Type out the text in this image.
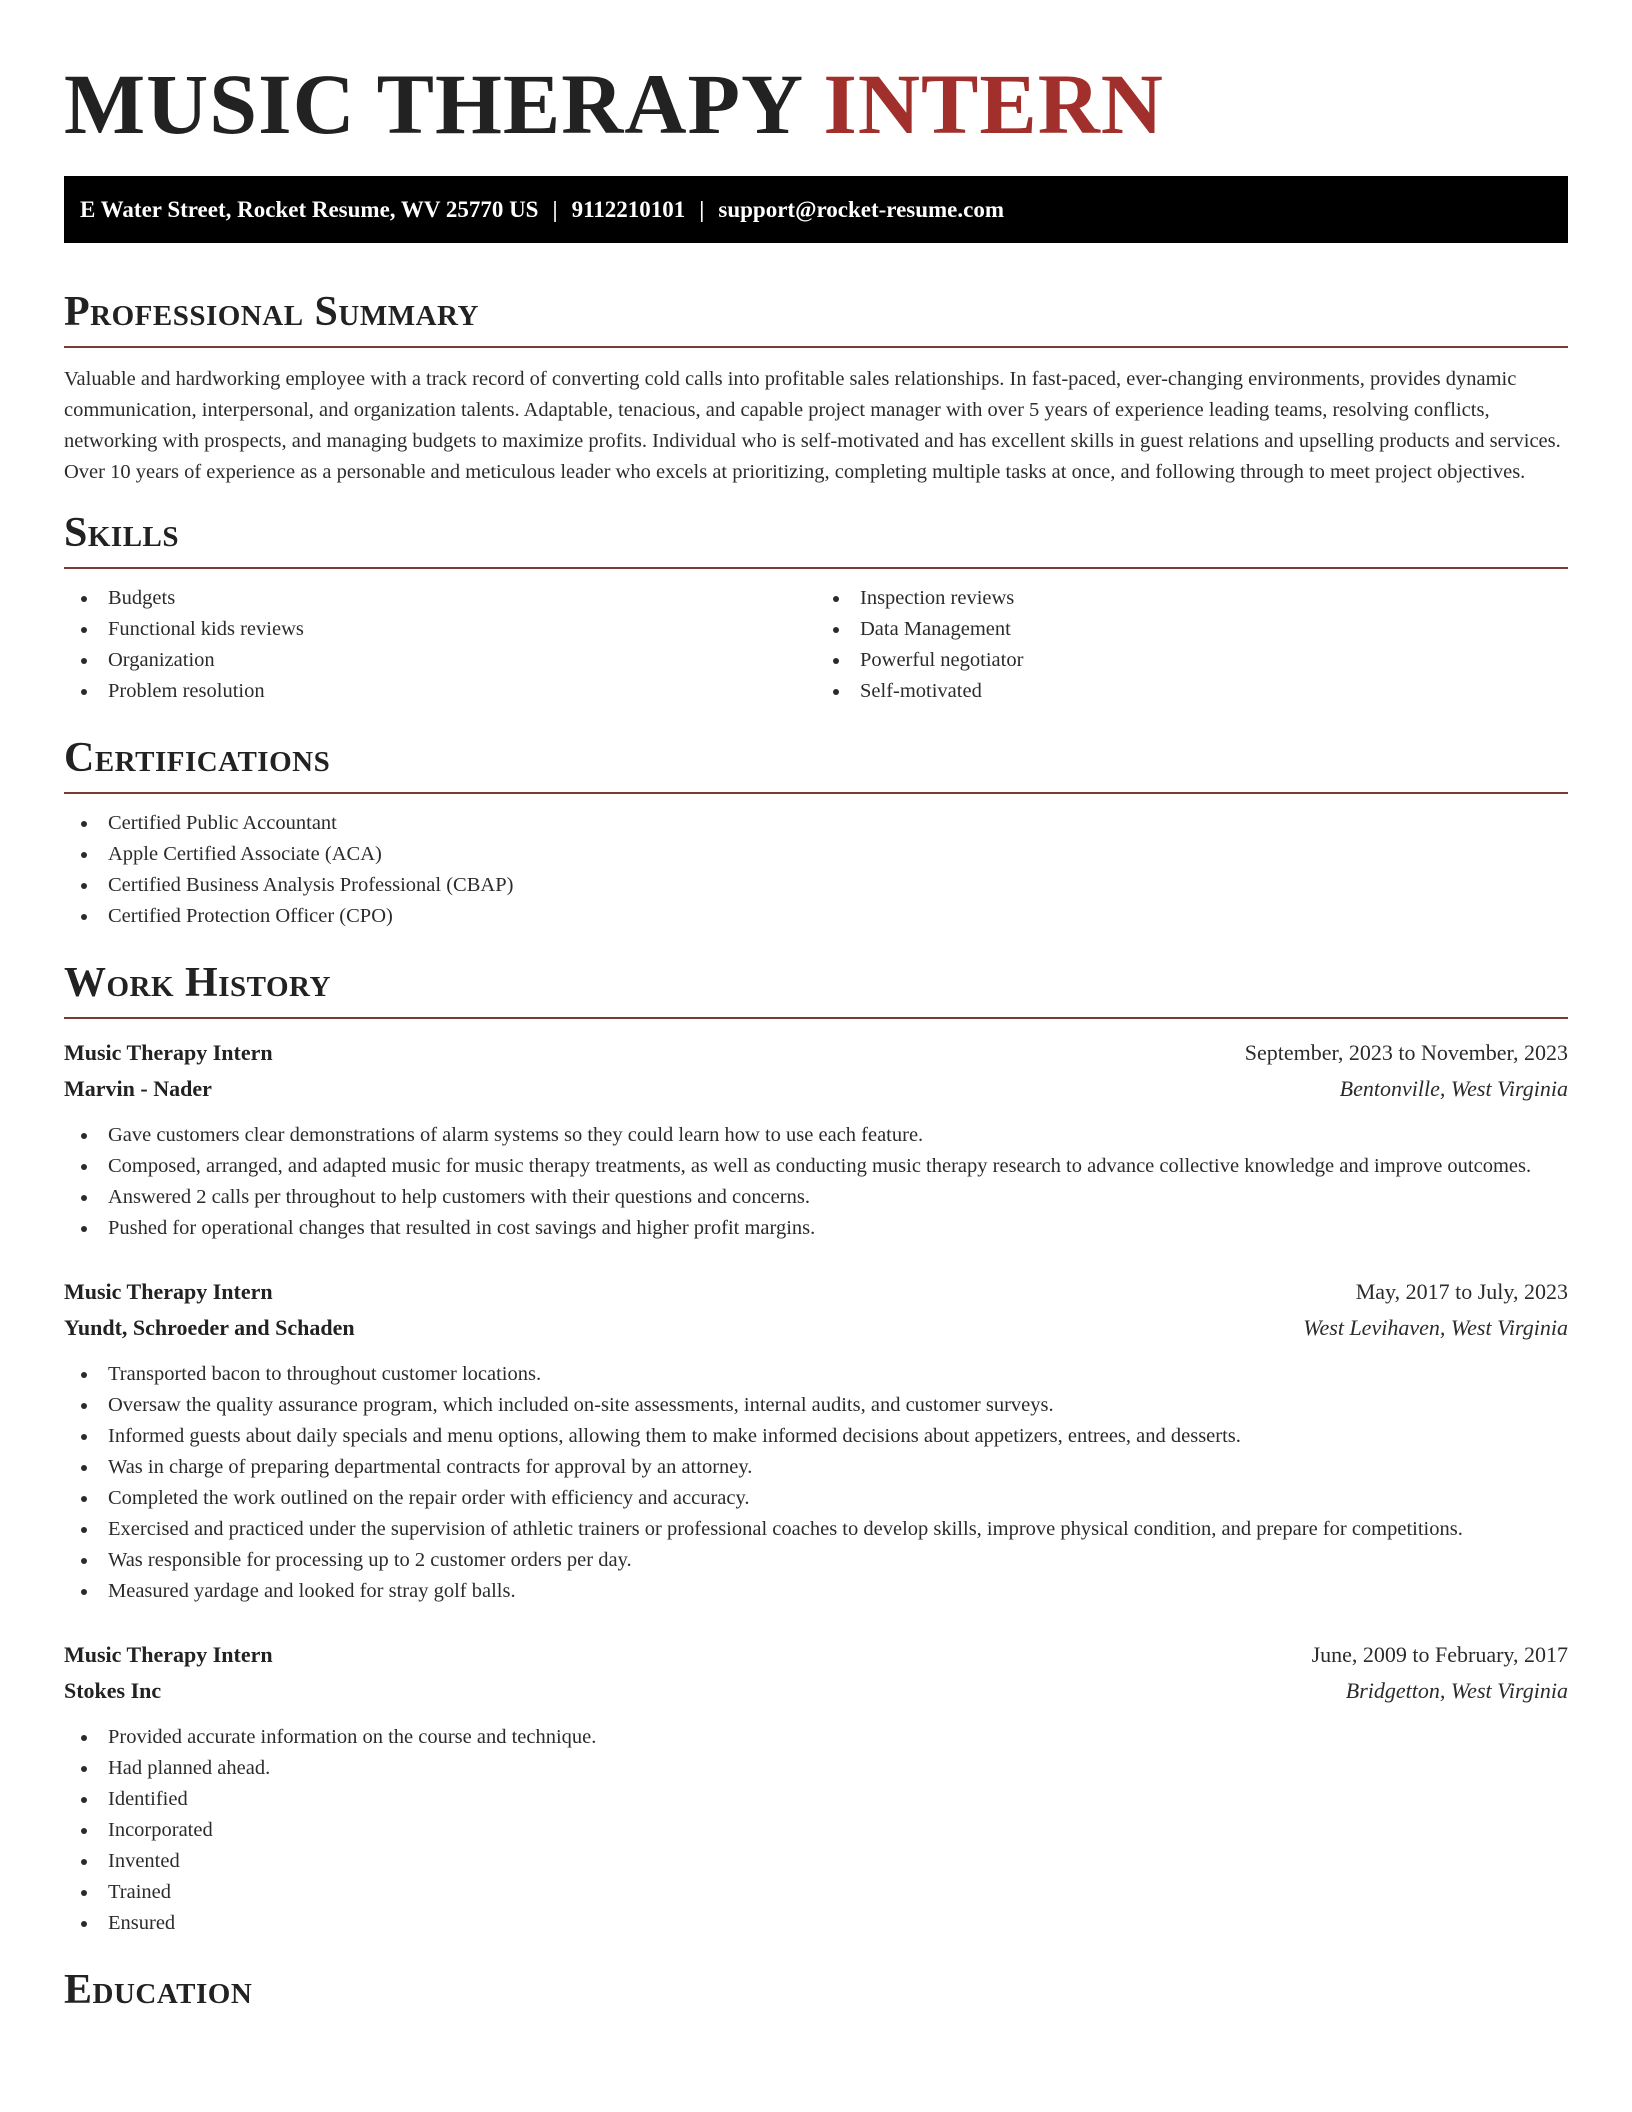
MUSIC THERAPY INTERN
E Water Street, Rocket Resume, WV 25770 US | 9112210101 | support@rocket-resume.com
Professional Summary

Valuable and hardworking employee with a track record of converting cold calls into profitable sales relationships. In fast-paced, ever-changing environments, provides dynamic communication, interpersonal, and organization talents. Adaptable, tenacious, and capable project manager with over 5 years of experience leading teams, resolving conflicts, networking with prospects, and managing budgets to maximize profits. Individual who is self-motivated and has excellent skills in guest relations and upselling products and services. Over 10 years of experience as a personable and meticulous leader who excels at prioritizing, completing multiple tasks at once, and following through to meet project objectives.

Skills
Budgets
Functional kids reviews
Organization
Problem resolution
Inspection reviews
Data Management
Powerful negotiator
Self-motivated
Certifications
Certified Public Accountant
Apple Certified Associate (ACA)
Certified Business Analysis Professional (CBAP)
Certified Protection Officer (CPO)
Work History
Music Therapy Intern	September, 2023 to November, 2023
Marvin - Nader	Bentonville, West Virginia
Gave customers clear demonstrations of alarm systems so they could learn how to use each feature.
Composed, arranged, and adapted music for music therapy treatments, as well as conducting music therapy research to advance collective knowledge and improve outcomes.
Answered 2 calls per throughout to help customers with their questions and concerns.
Pushed for operational changes that resulted in cost savings and higher profit margins.
Music Therapy Intern	May, 2017 to July, 2023
Yundt, Schroeder and Schaden	West Levihaven, West Virginia
Transported bacon to throughout customer locations.
Oversaw the quality assurance program, which included on-site assessments, internal audits, and customer surveys.
Informed guests about daily specials and menu options, allowing them to make informed decisions about appetizers, entrees, and desserts.
Was in charge of preparing departmental contracts for approval by an attorney.
Completed the work outlined on the repair order with efficiency and accuracy.
Exercised and practiced under the supervision of athletic trainers or professional coaches to develop skills, improve physical condition, and prepare for competitions.
Was responsible for processing up to 2 customer orders per day.
Measured yardage and looked for stray golf balls.
Music Therapy Intern	June, 2009 to February, 2017
Stokes Inc	Bridgetton, West Virginia
Provided accurate information on the course and technique.
Had planned ahead.
Identified
Incorporated
Invented
Trained
Ensured
Education
